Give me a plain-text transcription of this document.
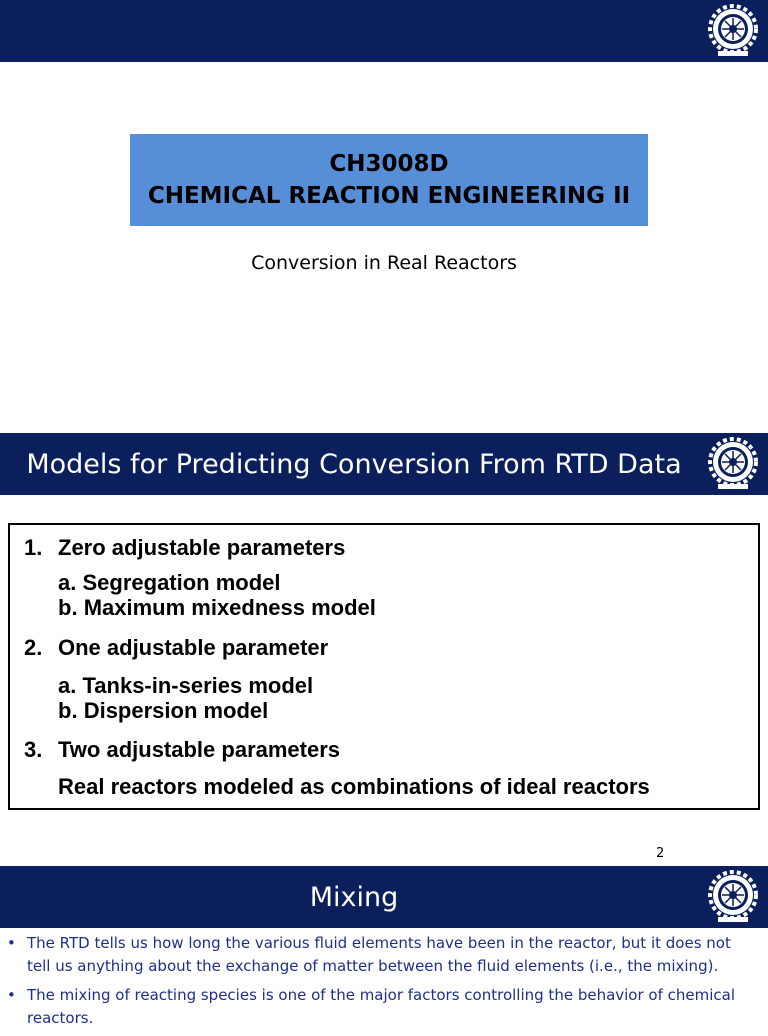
CH3008D
CHEMICAL REACTION ENGINEERING II
Conversion in Real Reactors
Models for Predicting Conversion From RTD Data
1. Zero adjustable parameters
a. Segregation model
b. Maximum mixedness model
2. One adjustable parameter
a. Tanks-in-series model
b. Dispersion model
3. Two adjustable parameters
Real reactors modeled as combinations of ideal reactors
2
Mixing
• The RTD tells us how long the various fluid elements have been in the reactor, but it does not tell us anything about the exchange of matter between the fluid elements (i.e., the mixing).
• The mixing of reacting species is one of the major factors controlling the behavior of chemical reactors.
